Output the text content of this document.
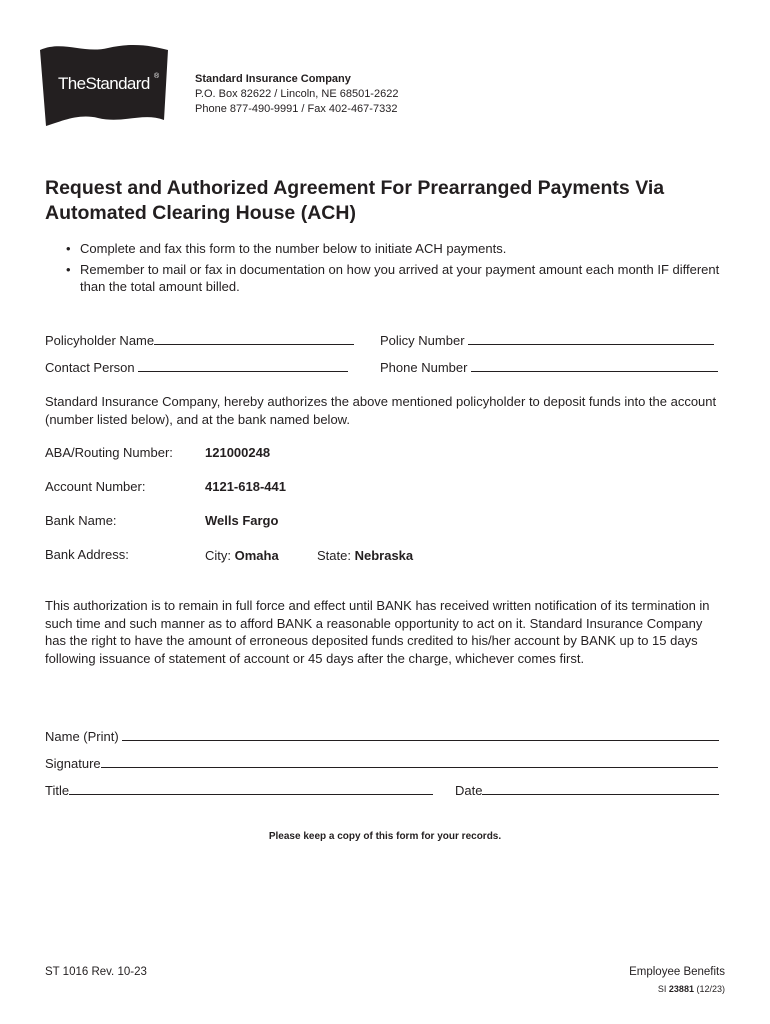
TheStandard ®	Standard Insurance Company
P.O. Box 82622 / Lincoln, NE 68501-2622
Phone 877-490-9991 / Fax 402-467-7332
Request and Authorized Agreement For Prearranged Payments Via Automated Clearing House (ACH)
• Complete and fax this form to the number below to initiate ACH payments.
• Remember to mail or fax in documentation on how you arrived at your payment amount each month IF different than the total amount billed.
Policyholder Name	Policy Number
Contact Person	Phone Number
Standard Insurance Company, hereby authorizes the above mentioned policyholder to deposit funds into the account (number listed below), and at the bank named below.
ABA/Routing Number: 121000248
Account Number:	4121-618-441
Bank Name:	Wells Fargo
Bank Address:	City: Omaha	State: Nebraska
This authorization is to remain in full force and effect until BANK has received written notification of its termination in such time and such manner as to afford BANK a reasonable opportunity to act on it. Standard Insurance Company has the right to have the amount of erroneous deposited funds credited to his/her account by BANK up to 15 days following issuance of statement of account or 45 days after the charge, whichever comes first.
Name (Print)
Signature
Title	Date
Please keep a copy of this form for your records.
ST 1016 Rev. 10-23	Employee Benefits
SI 23881 (12/23)
